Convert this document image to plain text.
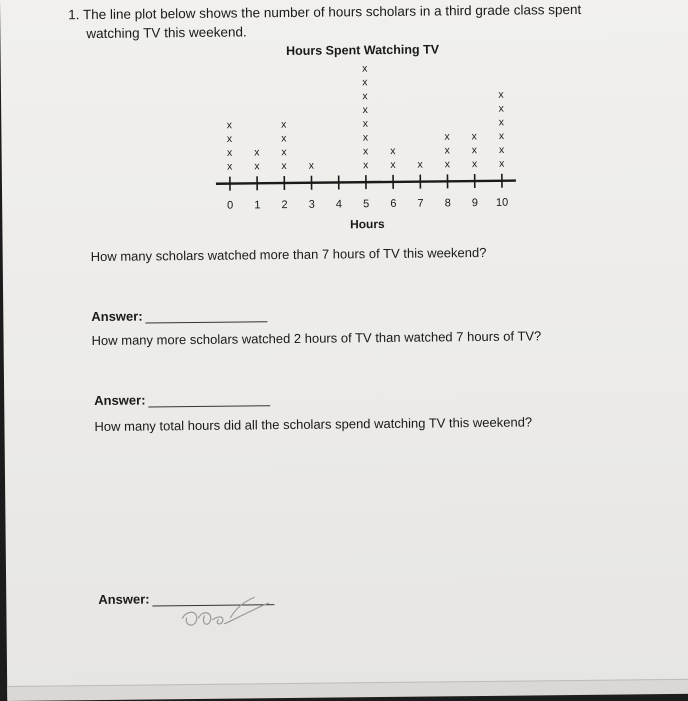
1. The line plot below shows the number of hours scholars in a third grade class spent watching TV this weekend.
Hours Spent Watching TV
0 1 2 3 4 5 6 7 8 9 10
x
x
x
x
x
x
x
x
x
x
x	x
x
x
x
x
x
x
x
x
x
x x
x
x
x
x
x
x
x
x
x
x
x
Hours
How many scholars watched more than 7 hours of TV this weekend?
Answer:
How many more scholars watched 2 hours of TV than watched 7 hours of TV?
Answer:
How many total hours did all the scholars spend watching TV this weekend?
Answer:
